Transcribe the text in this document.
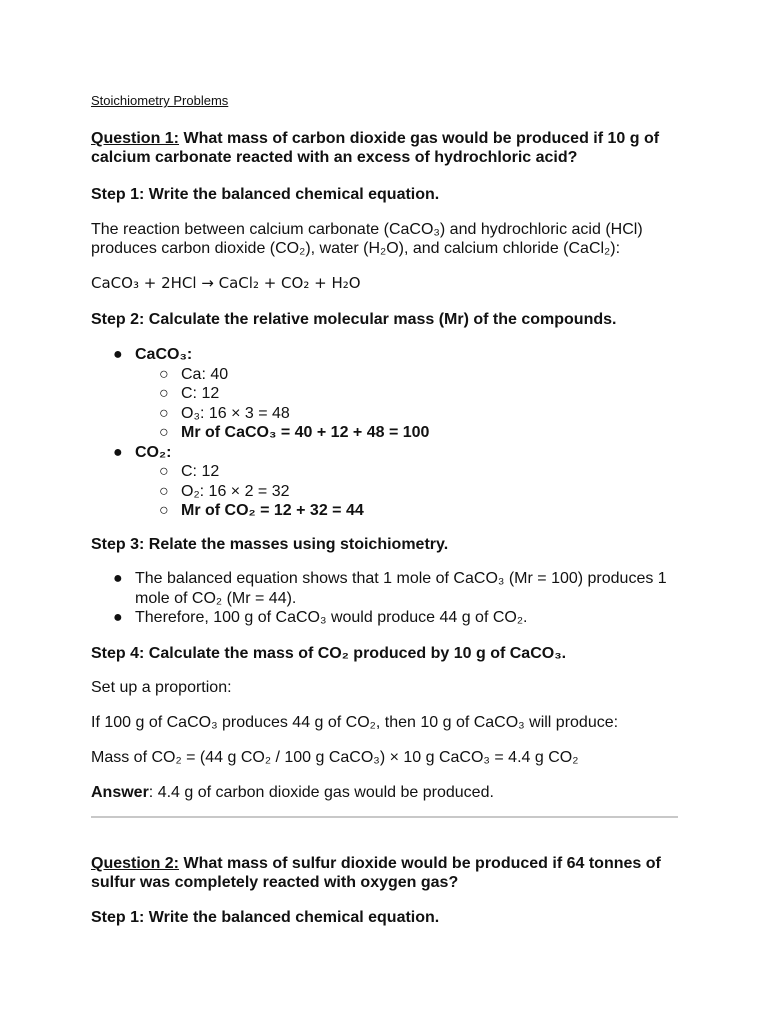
Stoichiometry Problems
Question 1: What mass of carbon dioxide gas would be produced if 10 g of calcium carbonate reacted with an excess of hydrochloric acid?
Step 1: Write the balanced chemical equation.
The reaction between calcium carbonate (CaCO₃) and hydrochloric acid (HCl) produces carbon dioxide (CO₂), water (H₂O), and calcium chloride (CaCl₂):
CaCO₃ + 2HCl → CaCl₂ + CO₂ + H₂O
Step 2: Calculate the relative molecular mass (Mr) of the compounds.
● CaCO₃:
○ Ca: 40
○ C: 12
○ O₃: 16 × 3 = 48
○ Mr of CaCO₃ = 40 + 12 + 48 = 100
● CO₂:
○ C: 12
○ O₂: 16 × 2 = 32
○ Mr of CO₂ = 12 + 32 = 44
Step 3: Relate the masses using stoichiometry.
● The balanced equation shows that 1 mole of CaCO₃ (Mr = 100) produces 1 mole of CO₂ (Mr = 44).
● Therefore, 100 g of CaCO₃ would produce 44 g of CO₂.
Step 4: Calculate the mass of CO₂ produced by 10 g of CaCO₃.
Set up a proportion:
If 100 g of CaCO₃ produces 44 g of CO₂, then 10 g of CaCO₃ will produce:
Mass of CO₂ = (44 g CO₂ / 100 g CaCO₃) × 10 g CaCO₃ = 4.4 g CO₂
Answer: 4.4 g of carbon dioxide gas would be produced.
Question 2: What mass of sulfur dioxide would be produced if 64 tonnes of sulfur was completely reacted with oxygen gas?
Step 1: Write the balanced chemical equation.
